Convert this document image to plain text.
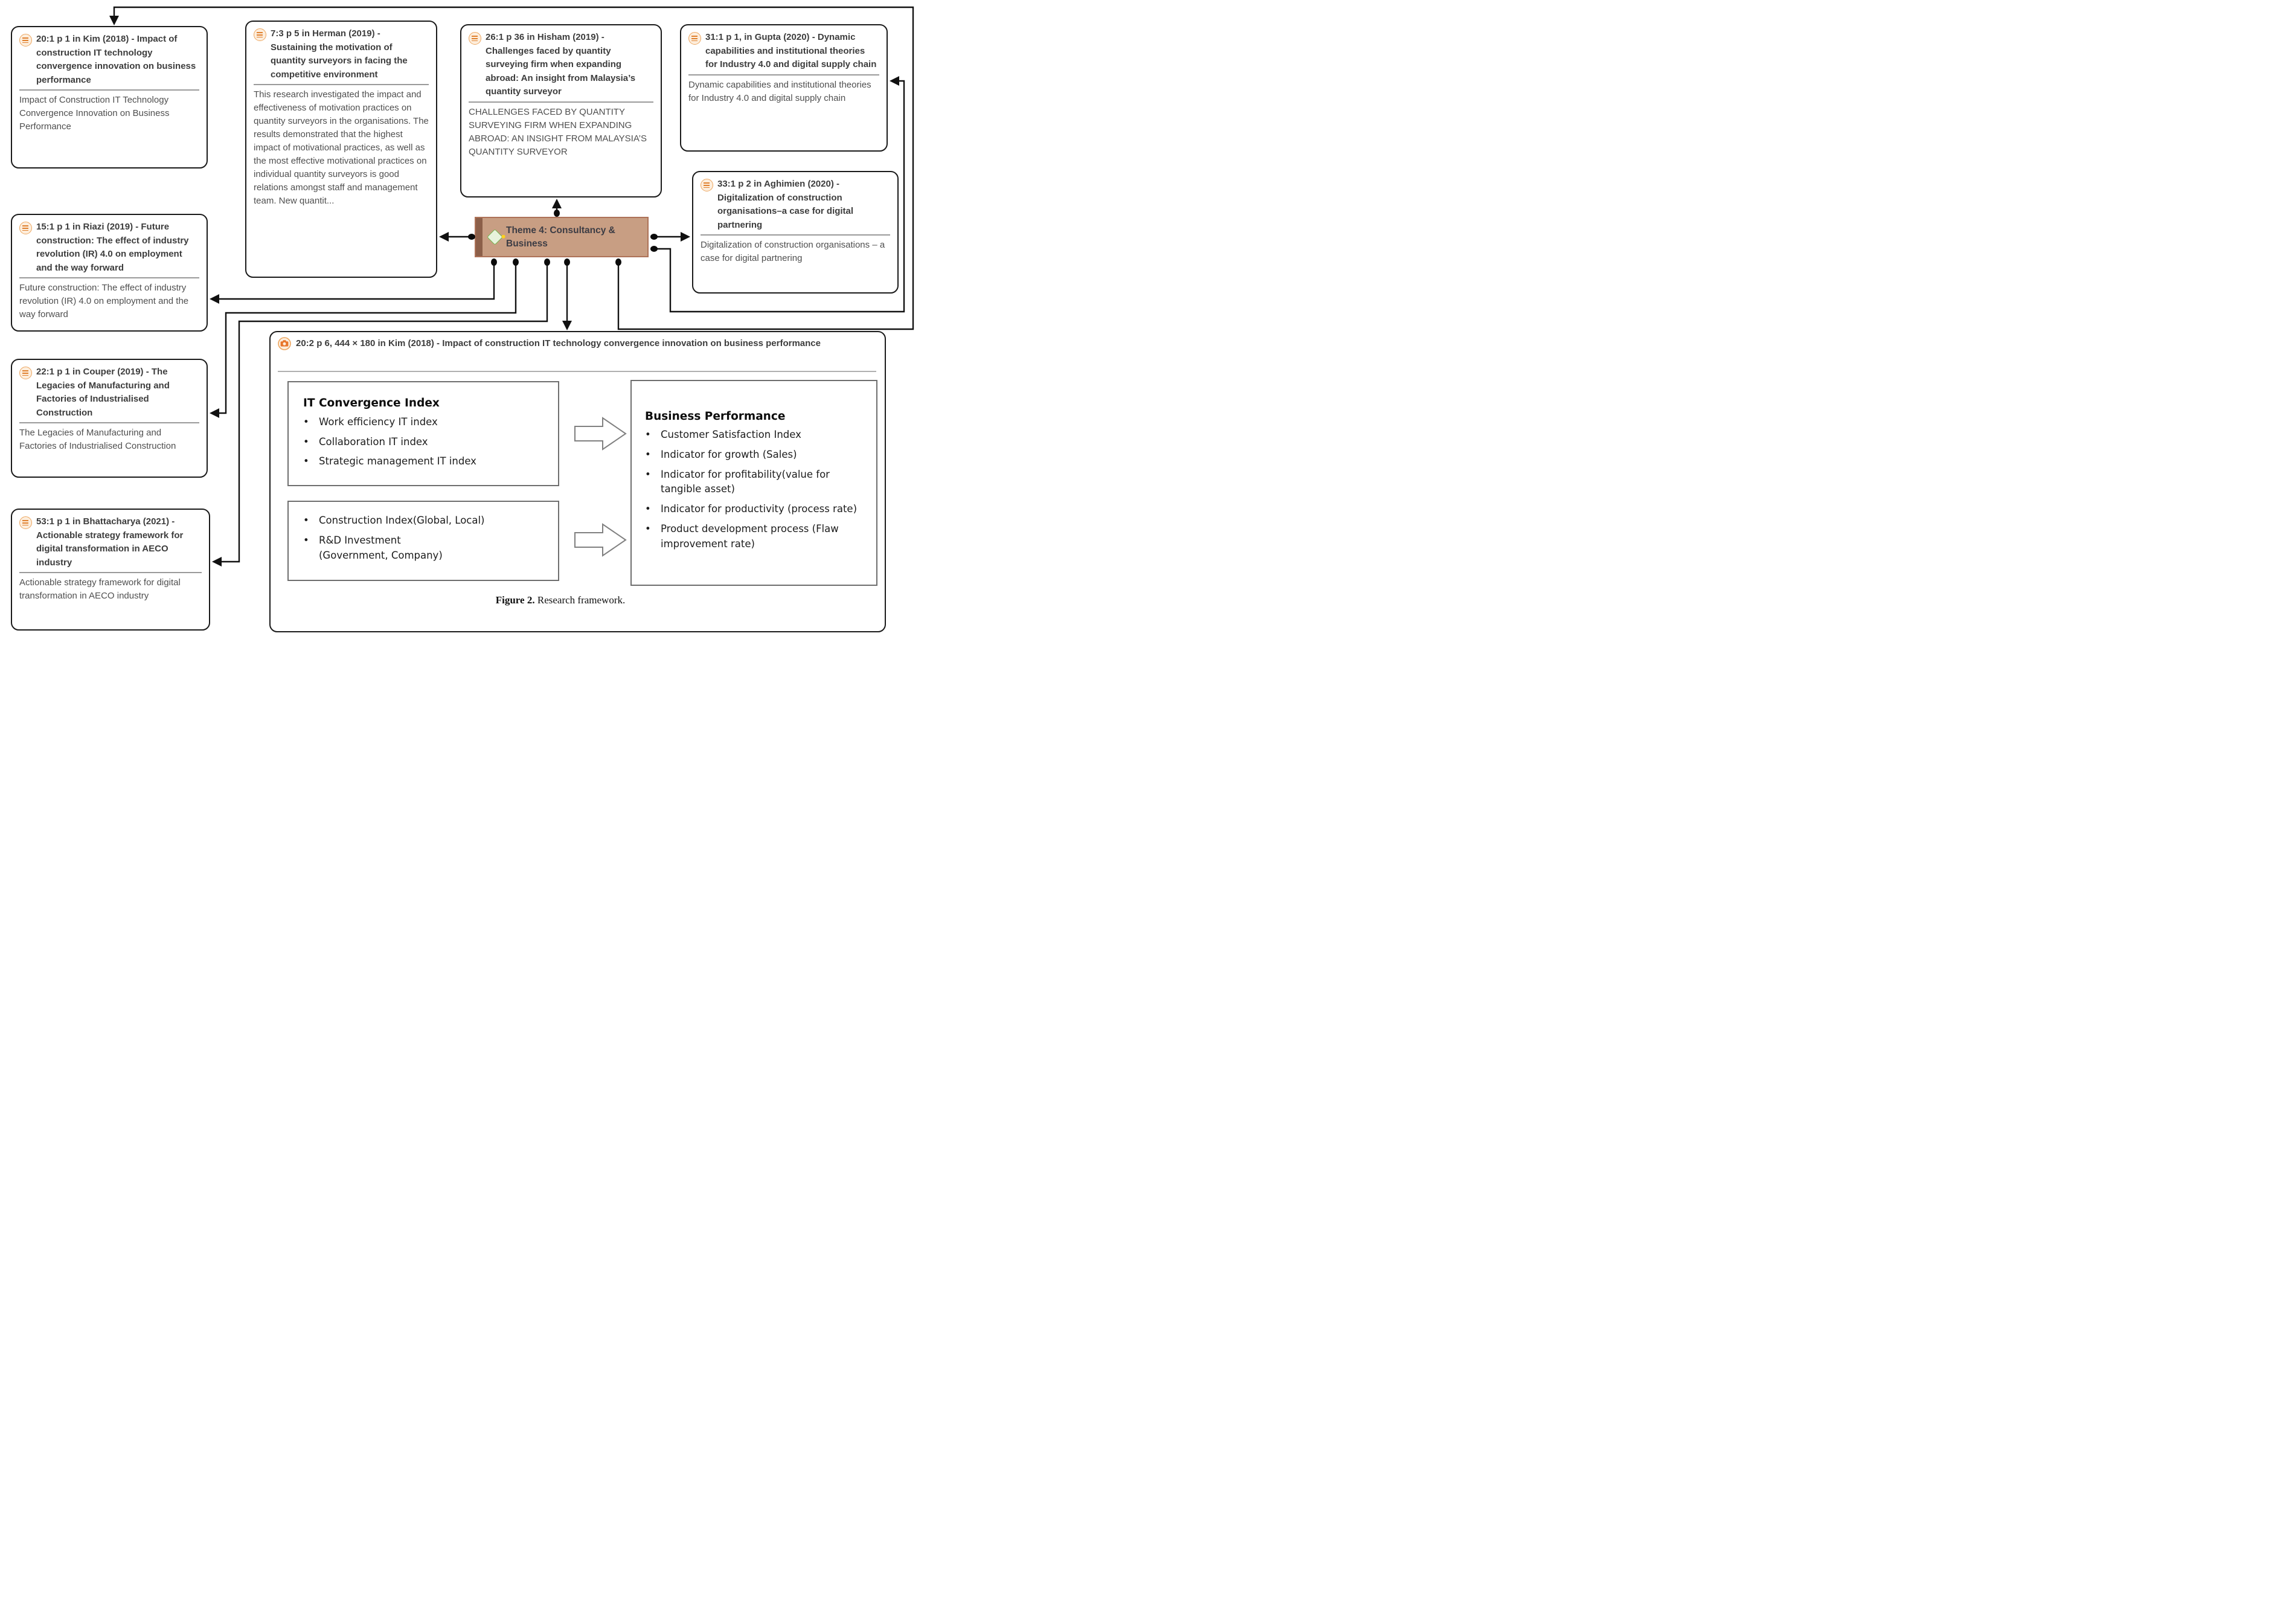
20:1 p 1 in Kim (2018) - Impact of construction IT technology convergence innovation on business performance
Impact of Construction IT Technology Convergence Innovation on Business Performance
7:3 p 5 in Herman (2019) - Sustaining the motivation of quantity surveyors in facing the competitive environment
This research investigated the impact and effectiveness of motivation practices on quantity surveyors in the organisations. The results demonstrated that the highest impact of motivational practices, as well as the most effective motivational practices on individual quantity surveyors is good relations amongst staff and management team. New quantit...
26:1 p 36 in Hisham (2019) - Challenges faced by quantity surveying firm when expanding abroad: An insight from Malaysia’s quantity surveyor
CHALLENGES FACED BY QUANTITY SURVEYING FIRM WHEN EXPANDING ABROAD: AN INSIGHT FROM MALAYSIA’S QUANTITY SURVEYOR
31:1 p 1, in Gupta (2020) - Dynamic capabilities and institutional theories for Industry 4.0 and digital supply chain
Dynamic capabilities and institutional theories for Industry 4.0 and digital supply chain
33:1 p 2 in Aghimien (2020) - Digitalization of construction organisations–a case for digital partnering
Digitalization of construction organisations – a case for digital partnering
15:1 p 1 in Riazi (2019) - Future construction: The effect of industry revolution (IR) 4.0 on employment and the way forward
Future construction: The effect of industry revolution (IR) 4.0 on employment and the way forward
22:1 p 1 in Couper (2019) - The Legacies of Manufacturing and Factories of Industrialised Construction
The Legacies of Manufacturing and Factories of Industrialised Construction
53:1 p 1 in Bhattacharya (2021) - Actionable strategy framework for digital transformation in AECO industry
Actionable strategy framework for digital transformation in AECO industry
Theme 4: Consultancy & Business
20:2 p 6, 444 × 180 in Kim (2018) - Impact of construction IT technology convergence innovation on business performance
IT Convergence Index
• Work efficiency IT index
• Collaboration IT index
• Strategic management IT index
• Construction Index(Global, Local)
• R&D Investment (Government, Company)
Business Performance
• Customer Satisfaction Index
• Indicator for growth (Sales)
• Indicator for profitability(value for tangible asset)
• Indicator for productivity (process rate)
• Product development process (Flaw improvement rate)
Figure 2. Research framework.
